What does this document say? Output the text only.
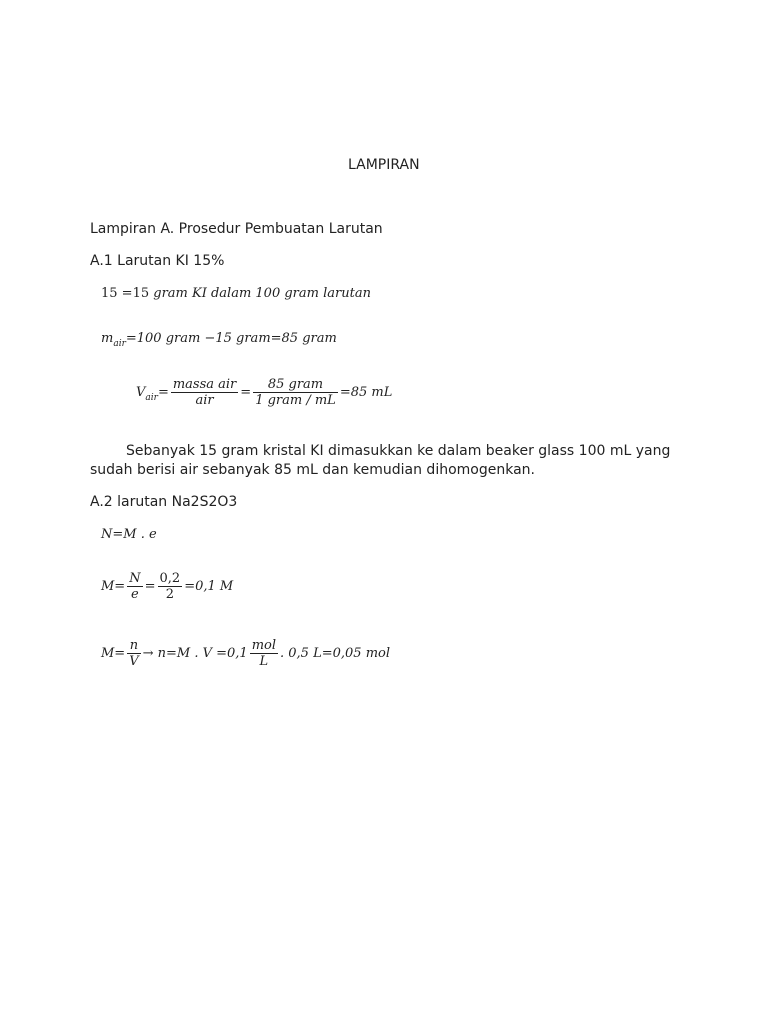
LAMPIRAN
Lampiran A. Prosedur Pembuatan Larutan
A.1 Larutan KI 15%
15 =15 gram KI dalam 100 gram larutan
$m_{air}=100$ gram −15 gram=85 gram
$V_{air}= \frac{\text{massa air}}{\text{air}} = \frac{\text{85 gram}}{\text{1 gram / mL}} =85$ mL
Sebanyak 15 gram kristal KI dimasukkan ke dalam beaker glass 100 mL yang sudah berisi air sebanyak 85 mL dan kemudian dihomogenkan.
A.2 larutan Na2S2O3
N=M . e
$M= \frac{N}{e} = \frac{0,2}{2} =0,1$ M
$M= \frac{n}{V} \to n=M$ . $V =0,1 \frac{\text{mol}}{L}$ . 0,5 L=0,05 mol
